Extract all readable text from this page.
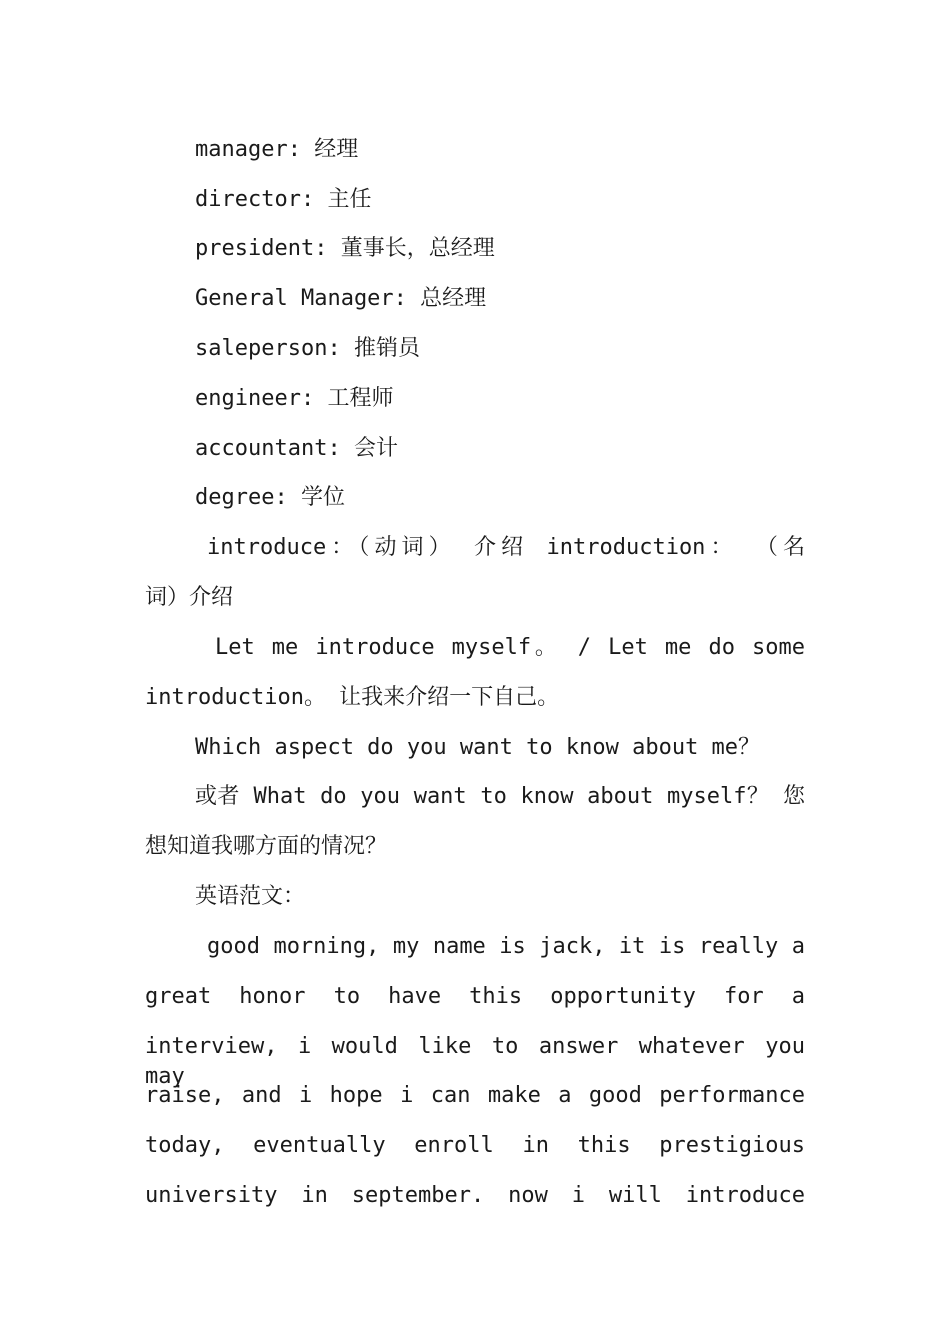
manager: 经理
director: 主任
president: 董事长，总经理
General Manager: 总经理
saleperson: 推销员
engineer: 工程师
accountant: 会计
degree: 学位
introduce：（动词） 介绍 introduction： （名
词）介绍
Let me introduce myself。 / Let me do some
introduction。 让我来介绍一下自己。
Which aspect do you want to know about me？
或者 What do you want to know about myself？ 您
想知道我哪方面的情况？
英语范文：
good morning, my name is jack, it is really a
great honor to have this opportunity for a
interview, i would like to answer whatever you may
raise, and i hope i can make a good performance
today, eventually enroll in this prestigious
university in september. now i will introduce
